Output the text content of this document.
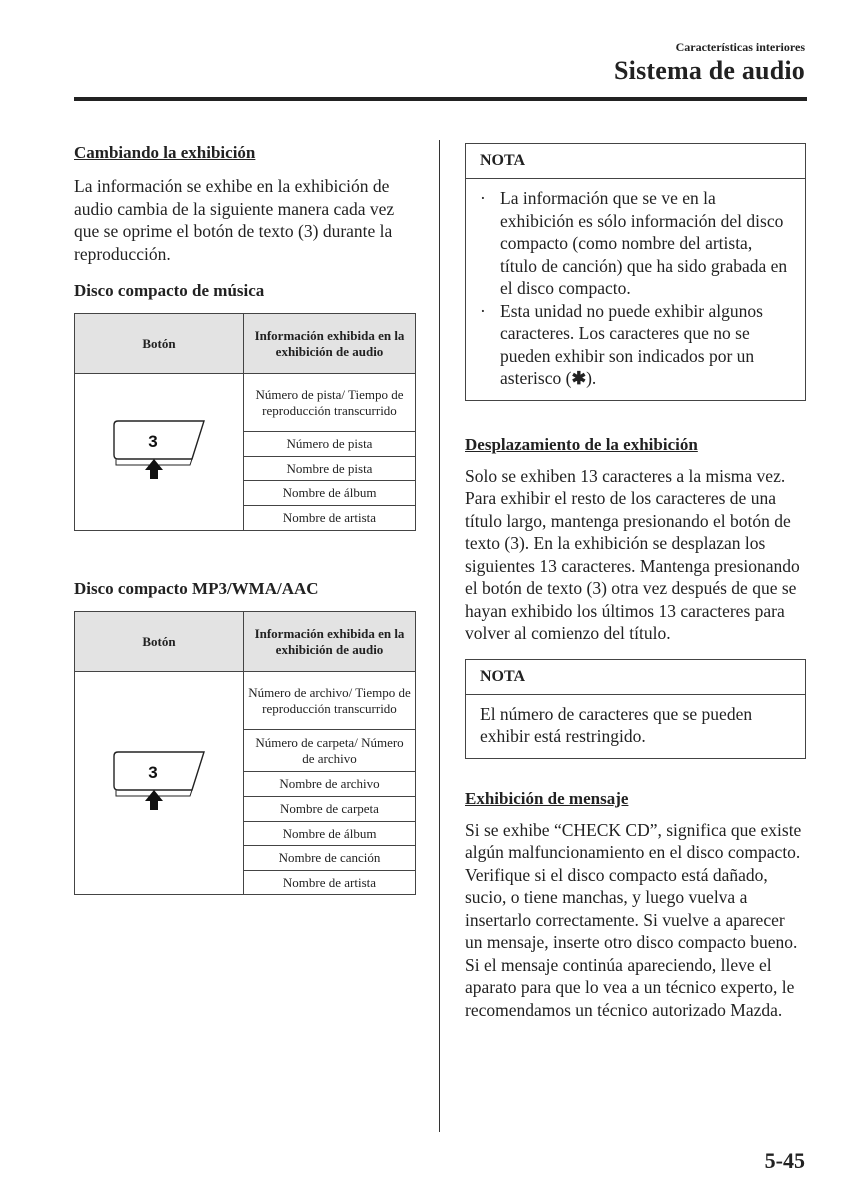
Características interiores
Sistema de audio

Cambiando la exhibición

La información se exhibe en la exhibición de audio cambia de la siguiente manera cada vez que se oprime el botón de texto (3) durante la reproducción.

Disco compacto de música

Botón	Información exhibida en la exhibición de audio

3	Número de pista/ Tiempo de reproducción transcurrido
	Número de pista
	Nombre de pista
	Nombre de álbum
	Nombre de artista

Disco compacto MP3/WMA/AAC

Botón	Información exhibida en la exhibición de audio

3	Número de archivo/ Tiempo de reproducción transcurrido
	Número de carpeta/ Número de archivo
	Nombre de archivo
	Nombre de carpeta
	Nombre de álbum
	Nombre de canción
	Nombre de artista
NOTA
· La información que se ve en la exhibición es sólo información del disco compacto (como nombre del artista, título de canción) que ha sido grabada en el disco compacto.
· Esta unidad no puede exhibir algunos caracteres. Los caracteres que no se pueden exhibir son indicados por un asterisco (✱).

Desplazamiento de la exhibición

Solo se exhiben 13 caracteres a la misma vez. Para exhibir el resto de los caracteres de una título largo, mantenga presionando el botón de texto (3). En la exhibición se desplazan los siguientes 13 caracteres. Mantenga presionando el botón de texto (3) otra vez después de que se hayan exhibido los últimos 13 caracteres para volver al comienzo del título.

NOTA
El número de caracteres que se pueden exhibir está restringido.

Exhibición de mensaje

Si se exhibe “CHECK CD”, significa que existe algún malfuncionamiento en el disco compacto. Verifique si el disco compacto está dañado, sucio, o tiene manchas, y luego vuelva a insertarlo correctamente. Si vuelve a aparecer un mensaje, inserte otro disco compacto bueno. Si el mensaje continúa apareciendo, lleve el aparato para que lo vea a un técnico experto, le recomendamos un técnico autorizado Mazda.

5-45
